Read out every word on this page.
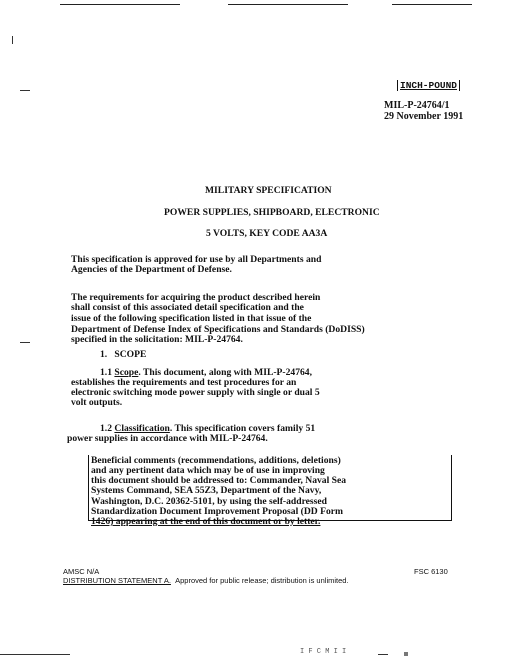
INCH-POUND
MIL-P-24764/1
29 November 1991
MILITARY SPECIFICATION
POWER SUPPLIES, SHIPBOARD, ELECTRONIC
5 VOLTS, KEY CODE AA3A
This specification is approved for use by all Departments and
Agencies of the Department of Defense.
The requirements for acquiring the product described herein
shall consist of this associated detail specification and the
issue of the following specification listed in that issue of the
Department of Defense Index of Specifications and Standards (DoDISS)
specified in the solicitation: MIL-P-24764.
1. SCOPE
1.1 Scope. This document, along with MIL-P-24764,
establishes the requirements and test procedures for an
electronic switching mode power supply with single or dual 5
volt outputs.
1.2 Classification. This specification covers family 51
power supplies in accordance with MIL-P-24764.
Beneficial comments (recommendations, additions, deletions)
and any pertinent data which may be of use in improving
this document should be addressed to: Commander, Naval Sea
Systems Command, SEA 55Z3, Department of the Navy,
Washington, D.C. 20362-5101, by using the self-addressed
Standardization Document Improvement Proposal (DD Form
1426) appearing at the end of this document or by letter.
AMSC N/A	FSC 6130
DISTRIBUTION STATEMENT A. Approved for public release; distribution is unlimited.
I F C M I I
